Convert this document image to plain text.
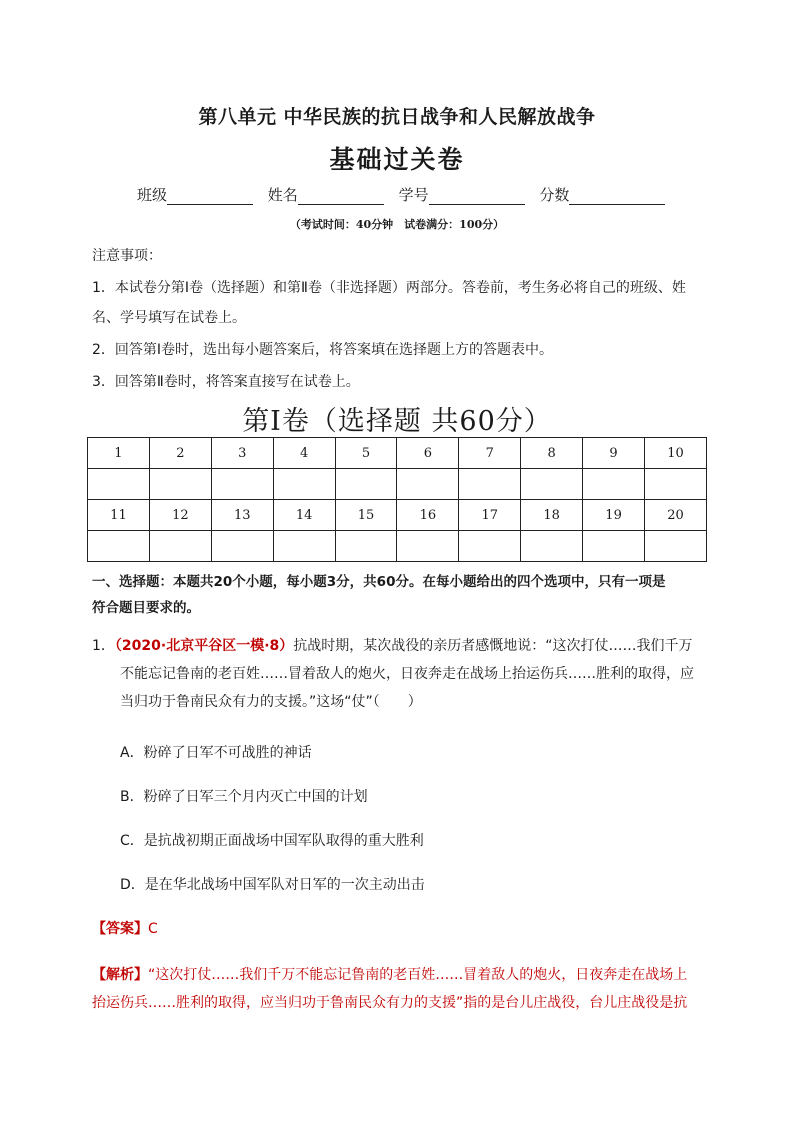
第八单元 中华民族的抗日战争和人民解放战争
基础过关卷
班级	姓名	学号	分数
（考试时间：40分钟　试卷满分：100分）
注意事项：
1．本试卷分第Ⅰ卷（选择题）和第Ⅱ卷（非选择题）两部分。答卷前，考生务必将自己的班级、姓
名、学号填写在试卷上。
2．回答第Ⅰ卷时，选出每小题答案后，将答案填在选择题上方的答题表中。
3．回答第Ⅱ卷时，将答案直接写在试卷上。
第Ⅰ卷（选择题 共60分）
1	2	3	4	5	6	7	8	9	10

11	12	13	14	15	16	17	18	19	20

一、选择题：本题共20个小题，每小题3分，共60分。在每小题给出的四个选项中，只有一项是
符合题目要求的。
1．（2020·北京平谷区一模·8）抗战时期，某次战役的亲历者感慨地说：“这次打仗……我们千万
不能忘记鲁南的老百姓……冒着敌人的炮火，日夜奔走在战场上抬运伤兵……胜利的取得，应
当归功于鲁南民众有力的支援。”这场“仗”（　　）
A．粉碎了日军不可战胜的神话
B．粉碎了日军三个月内灭亡中国的计划
C．是抗战初期正面战场中国军队取得的重大胜利
D．是在华北战场中国军队对日军的一次主动出击
【答案】C
【解析】“这次打仗……我们千万不能忘记鲁南的老百姓……冒着敌人的炮火，日夜奔走在战场上
抬运伤兵……胜利的取得，应当归功于鲁南民众有力的支援”指的是台儿庄战役，台儿庄战役是抗
